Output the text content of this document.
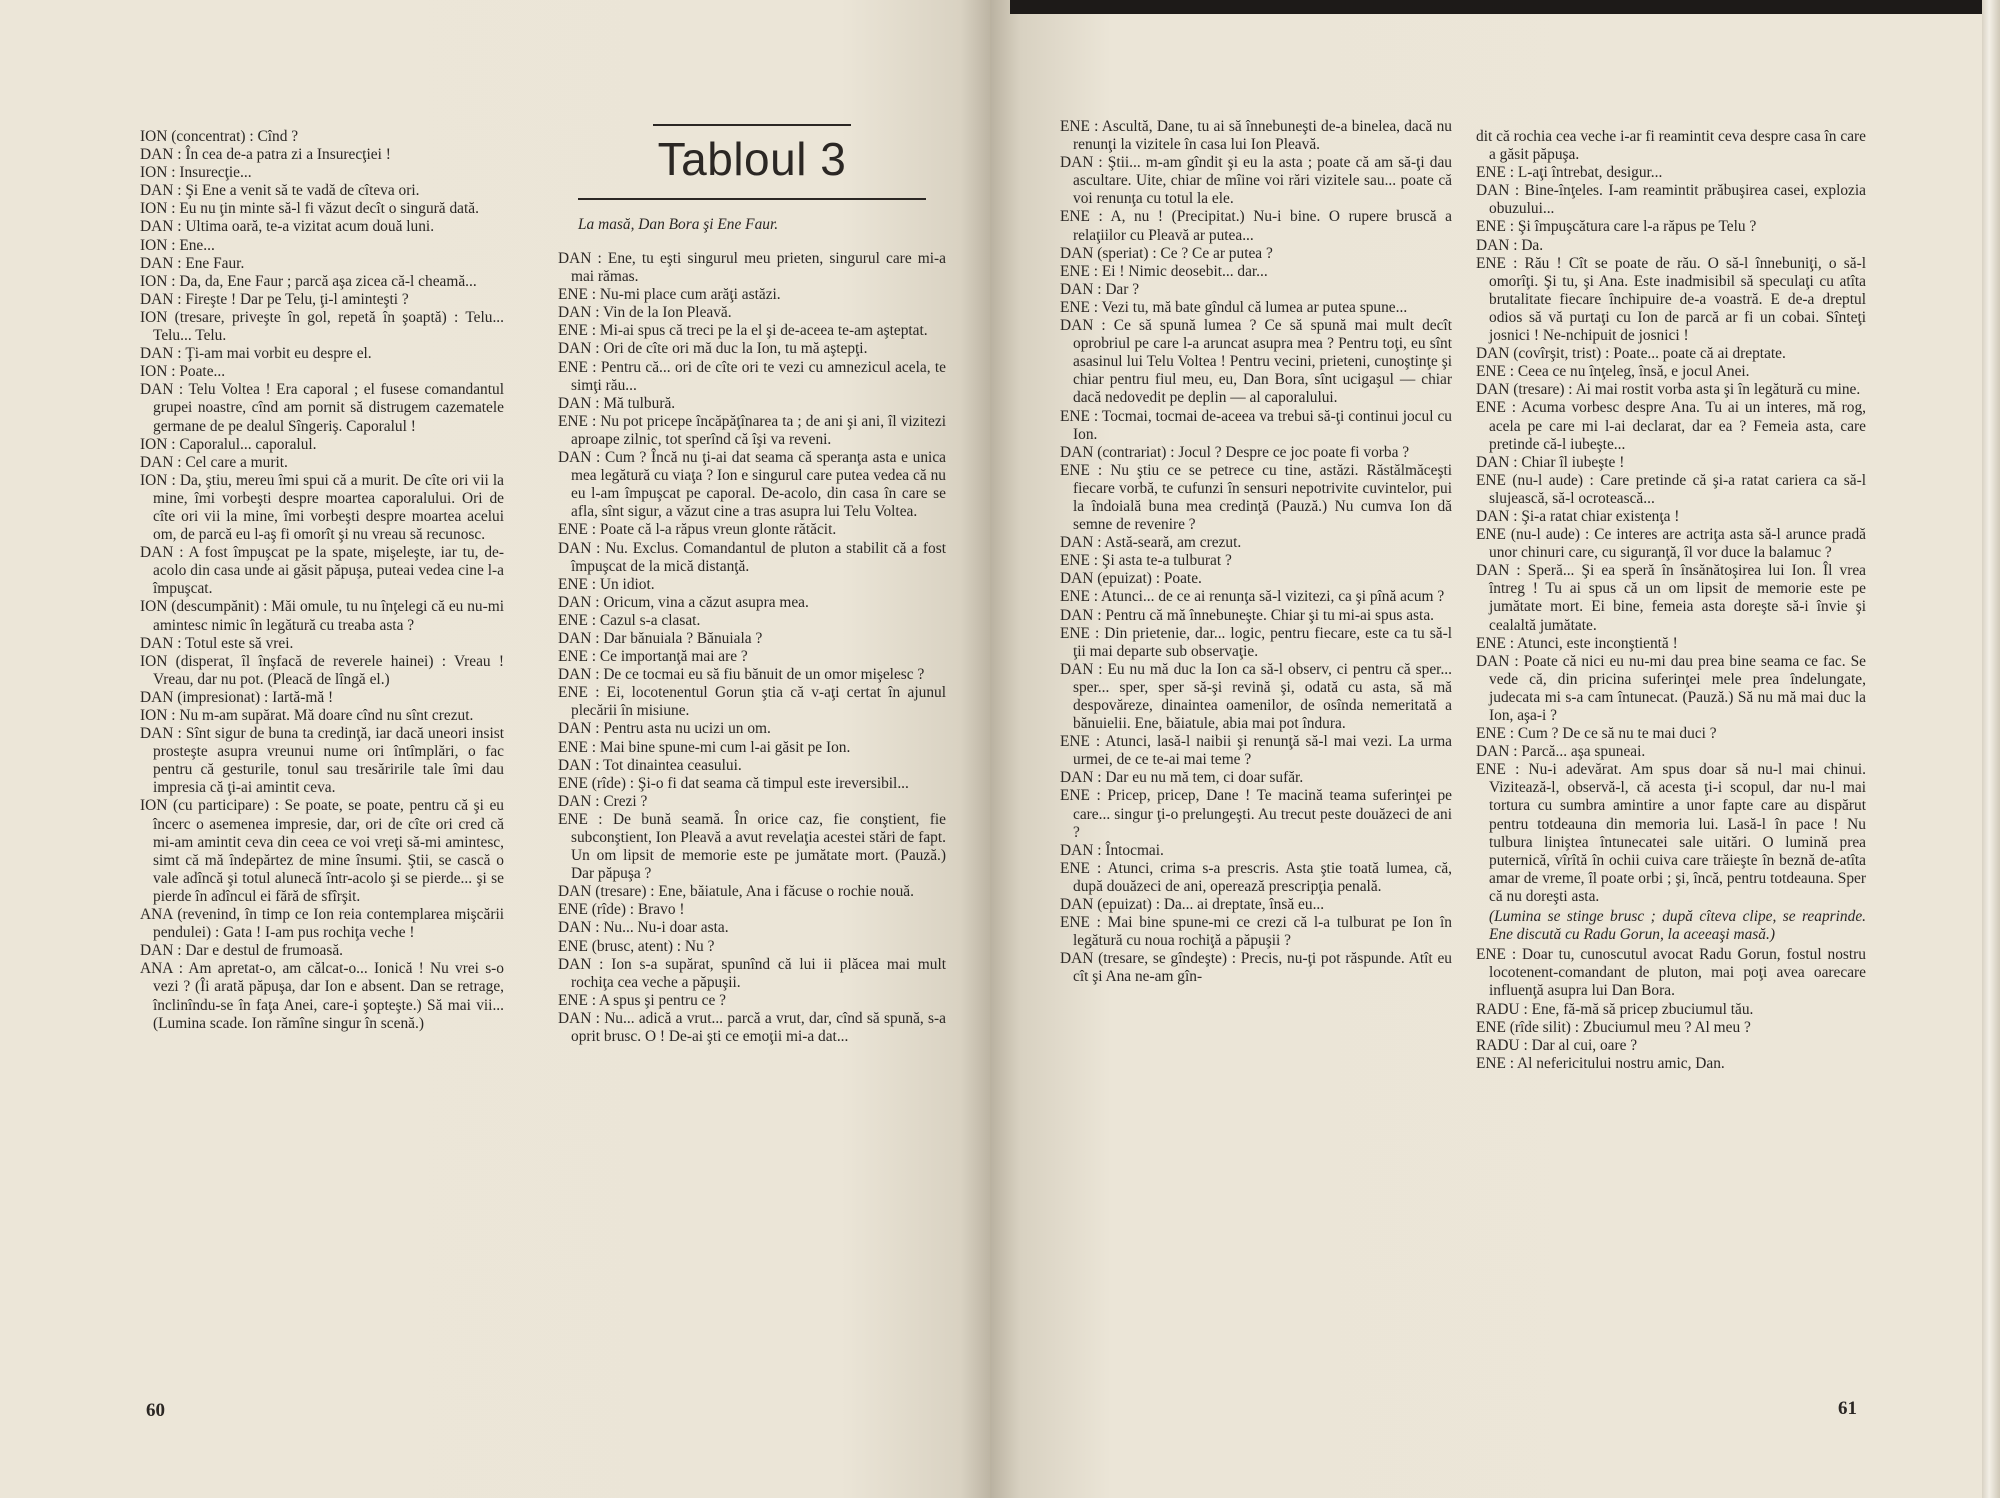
ION (concentrat) : Cînd ?

DAN : În cea de-a patra zi a Insurecţiei !

ION : Insurecţie...

DAN : Şi Ene a venit să te vadă de cîteva ori.

ION : Eu nu ţin minte să-l fi văzut decît o singură dată.

DAN : Ultima oară, te-a vizitat acum două luni.

ION : Ene...

DAN : Ene Faur.

ION : Da, da, Ene Faur ; parcă aşa zicea că-l cheamă...

DAN : Fireşte ! Dar pe Telu, ţi-l aminteşti ?

ION (tresare, priveşte în gol, repetă în şoaptă) : Telu... Telu... Telu.

DAN : Ţi-am mai vorbit eu despre el.

ION : Poate...

DAN : Telu Voltea ! Era caporal ; el fusese comandantul grupei noastre, cînd am pornit să distrugem cazematele germane de pe dealul Sîngeriş. Caporalul !

ION : Caporalul... caporalul.

DAN : Cel care a murit.

ION : Da, ştiu, mereu îmi spui că a murit. De cîte ori vii la mine, îmi vorbeşti despre moartea caporalului. Ori de cîte ori vii la mine, îmi vorbeşti despre moartea acelui om, de parcă eu l-aş fi omorît şi nu vreau să recunosc.

DAN : A fost împuşcat pe la spate, mişeleşte, iar tu, de-acolo din casa unde ai găsit păpuşa, puteai vedea cine l-a împuşcat.

ION (descumpănit) : Măi omule, tu nu înţelegi că eu nu-mi amintesc nimic în legătură cu treaba asta ?

DAN : Totul este să vrei.

ION (disperat, îl înşfacă de reverele hainei) : Vreau ! Vreau, dar nu pot. (Pleacă de lîngă el.)

DAN (impresionat) : Iartă-mă !

ION : Nu m-am supărat. Mă doare cînd nu sînt crezut.

DAN : Sînt sigur de buna ta credinţă, iar dacă uneori insist prosteşte asupra vreunui nume ori întîmplări, o fac pentru că gesturile, tonul sau tresăririle tale îmi dau impresia că ţi-ai amintit ceva.

ION (cu participare) : Se poate, se poate, pentru că şi eu încerc o asemenea impresie, dar, ori de cîte ori cred că mi-am amintit ceva din ceea ce voi vreţi să-mi amintesc, simt că mă îndepărtez de mine însumi. Ştii, se cască o vale adîncă şi totul alunecă într-acolo şi se pierde... şi se pierde în adîncul ei fără de sfîrşit.

ANA (revenind, în timp ce Ion reia contemplarea mişcării pendulei) : Gata ! I-am pus rochiţa veche !

DAN : Dar e destul de frumoasă.

ANA : Am apretat-o, am călcat-o... Ionică ! Nu vrei s-o vezi ? (Îi arată păpuşa, dar Ion e absent. Dan se retrage, înclinîndu-se în faţa Anei, care-i şopteşte.) Să mai vii... (Lumina scade. Ion rămîne singur în scenă.)

Tabloul 3
La masă, Dan Bora şi Ene Faur.

DAN : Ene, tu eşti singurul meu prieten, singurul care mi-a mai rămas.

ENE : Nu-mi place cum arăţi astăzi.

DAN : Vin de la Ion Pleavă.

ENE : Mi-ai spus că treci pe la el şi de-aceea te-am aşteptat.

DAN : Ori de cîte ori mă duc la Ion, tu mă aştepţi.

ENE : Pentru că... ori de cîte ori te vezi cu amnezicul acela, te simţi rău...

DAN : Mă tulbură.

ENE : Nu pot pricepe încăpăţînarea ta ; de ani şi ani, îl vizitezi aproape zilnic, tot sperînd că îşi va reveni.

DAN : Cum ? Încă nu ţi-ai dat seama că speranţa asta e unica mea legătură cu viaţa ? Ion e singurul care putea vedea că nu eu l-am împuşcat pe caporal. De-acolo, din casa în care se afla, sînt sigur, a văzut cine a tras asupra lui Telu Voltea.

ENE : Poate că l-a răpus vreun glonte rătăcit.

DAN : Nu. Exclus. Comandantul de pluton a stabilit că a fost împuşcat de la mică distanţă.

ENE : Un idiot.

DAN : Oricum, vina a căzut asupra mea.

ENE : Cazul s-a clasat.

DAN : Dar bănuiala ? Bănuiala ?

ENE : Ce importanţă mai are ?

DAN : De ce tocmai eu să fiu bănuit de un omor mişelesc ?

ENE : Ei, locotenentul Gorun ştia că v-aţi certat în ajunul plecării în misiune.

DAN : Pentru asta nu ucizi un om.

ENE : Mai bine spune-mi cum l-ai găsit pe Ion.

DAN : Tot dinaintea ceasului.

ENE (rîde) : Şi-o fi dat seama că timpul este ireversibil...

DAN : Crezi ?

ENE : De bună seamă. În orice caz, fie conştient, fie subconştient, Ion Pleavă a avut revelaţia acestei stări de fapt. Un om lipsit de memorie este pe jumătate mort. (Pauză.) Dar păpuşa ?

DAN (tresare) : Ene, băiatule, Ana i făcuse o rochie nouă.

ENE (rîde) : Bravo !

DAN : Nu... Nu-i doar asta.

ENE (brusc, atent) : Nu ?

DAN : Ion s-a supărat, spunînd că lui ii plăcea mai mult rochiţa cea veche a păpuşii.

ENE : A spus şi pentru ce ?

DAN : Nu... adică a vrut... parcă a vrut, dar, cînd să spună, s-a oprit brusc. O ! De-ai şti ce emoţii mi-a dat...

60

ENE : Ascultă, Dane, tu ai să înnebuneşti de-a binelea, dacă nu renunţi la vizitele în casa lui Ion Pleavă.

DAN : Ştii... m-am gîndit şi eu la asta ; poate că am să-ţi dau ascultare. Uite, chiar de mîine voi rări vizitele sau... poate că voi renunţa cu totul la ele.

ENE : A, nu ! (Precipitat.) Nu-i bine. O rupere bruscă a relaţiilor cu Pleavă ar putea...

DAN (speriat) : Ce ? Ce ar putea ?

ENE : Ei ! Nimic deosebit... dar...

DAN : Dar ?

ENE : Vezi tu, mă bate gîndul că lumea ar putea spune...

DAN : Ce să spună lumea ? Ce să spună mai mult decît oprobriul pe care l-a aruncat asupra mea ? Pentru toţi, eu sînt asasinul lui Telu Voltea ! Pentru vecini, prieteni, cunoştinţe şi chiar pentru fiul meu, eu, Dan Bora, sînt ucigaşul — chiar dacă nedovedit pe deplin — al caporalului.

ENE : Tocmai, tocmai de-aceea va trebui să-ţi continui jocul cu Ion.

DAN (contrariat) : Jocul ? Despre ce joc poate fi vorba ?

ENE : Nu ştiu ce se petrece cu tine, astăzi. Răstălmăceşti fiecare vorbă, te cufunzi în sensuri nepotrivite cuvintelor, pui la îndoială buna mea credinţă (Pauză.) Nu cumva Ion dă semne de revenire ?

DAN : Astă-seară, am crezut.

ENE : Şi asta te-a tulburat ?

DAN (epuizat) : Poate.

ENE : Atunci... de ce ai renunţa să-l vizitezi, ca şi pînă acum ?

DAN : Pentru că mă înnebuneşte. Chiar şi tu mi-ai spus asta.

ENE : Din prietenie, dar... logic, pentru fiecare, este ca tu să-l ţii mai departe sub observaţie.

DAN : Eu nu mă duc la Ion ca să-l observ, ci pentru că sper... sper... sper, sper să-şi revină şi, odată cu asta, să mă despovăreze, dinaintea oamenilor, de osînda nemeritată a bănuielii. Ene, băiatule, abia mai pot îndura.

ENE : Atunci, lasă-l naibii şi renunţă să-l mai vezi. La urma urmei, de ce te-ai mai teme ?

DAN : Dar eu nu mă tem, ci doar sufăr.

ENE : Pricep, pricep, Dane ! Te macină teama suferinţei pe care... singur ţi-o prelungeşti. Au trecut peste douăzeci de ani ?

DAN : Întocmai.

ENE : Atunci, crima s-a prescris. Asta ştie toată lumea, că, după douăzeci de ani, operează prescripţia penală.

DAN (epuizat) : Da... ai dreptate, însă eu...

ENE : Mai bine spune-mi ce crezi că l-a tulburat pe Ion în legătură cu noua rochiţă a păpuşii ?

DAN (tresare, se gîndeşte) : Precis, nu-ţi pot răspunde. Atît eu cît şi Ana ne-am gîn-

dit că rochia cea veche i-ar fi reamintit ceva despre casa în care a găsit păpuşa.

ENE : L-aţi întrebat, desigur...

DAN : Bine-înţeles. I-am reamintit prăbuşirea casei, explozia obuzului...

ENE : Şi împuşcătura care l-a răpus pe Telu ?

DAN : Da.

ENE : Rău ! Cît se poate de rău. O să-l înnebuniţi, o să-l omorîţi. Şi tu, şi Ana. Este inadmisibil să speculaţi cu atîta brutalitate fiecare închipuire de-a voastră. E de-a dreptul odios să vă purtaţi cu Ion de parcă ar fi un cobai. Sînteţi josnici ! Ne-nchipuit de josnici !

DAN (covîrşit, trist) : Poate... poate că ai dreptate.

ENE : Ceea ce nu înţeleg, însă, e jocul Anei.

DAN (tresare) : Ai mai rostit vorba asta şi în legătură cu mine.

ENE : Acuma vorbesc despre Ana. Tu ai un interes, mă rog, acela pe care mi l-ai declarat, dar ea ? Femeia asta, care pretinde că-l iubeşte...

DAN : Chiar îl iubeşte !

ENE (nu-l aude) : Care pretinde că şi-a ratat cariera ca să-l slujească, să-l ocrotească...

DAN : Şi-a ratat chiar existenţa !

ENE (nu-l aude) : Ce interes are actriţa asta să-l arunce pradă unor chinuri care, cu siguranţă, îl vor duce la balamuc ?

DAN : Speră... Şi ea speră în însănătoşirea lui Ion. Îl vrea întreg ! Tu ai spus că un om lipsit de memorie este pe jumătate mort. Ei bine, femeia asta doreşte să-i învie şi cealaltă jumătate.

ENE : Atunci, este inconştientă !

DAN : Poate că nici eu nu-mi dau prea bine seama ce fac. Se vede că, din pricina suferinţei mele prea îndelungate, judecata mi s-a cam întunecat. (Pauză.) Să nu mă mai duc la Ion, aşa-i ?

ENE : Cum ? De ce să nu te mai duci ?

DAN : Parcă... aşa spuneai.

ENE : Nu-i adevărat. Am spus doar să nu-l mai chinui. Vizitează-l, observă-l, că acesta ţi-i scopul, dar nu-l mai tortura cu sumbra amintire a unor fapte care au dispărut pentru totdeauna din memoria lui. Lasă-l în pace ! Nu tulbura liniştea întunecatei sale uitări. O lumină prea puternică, vîrîtă în ochii cuiva care trăieşte în beznă de-atîta amar de vreme, îl poate orbi ; şi, încă, pentru totdeauna. Sper că nu doreşti asta.

(Lumina se stinge brusc ; după cîteva clipe, se reaprinde. Ene discută cu Radu Gorun, la aceeaşi masă.)

ENE : Doar tu, cunoscutul avocat Radu Gorun, fostul nostru locotenent-comandant de pluton, mai poţi avea oarecare influenţă asupra lui Dan Bora.

RADU : Ene, fă-mă să pricep zbuciumul tău.

ENE (rîde silit) : Zbuciumul meu ? Al meu ?

RADU : Dar al cui, oare ?

ENE : Al nefericitului nostru amic, Dan.

61
